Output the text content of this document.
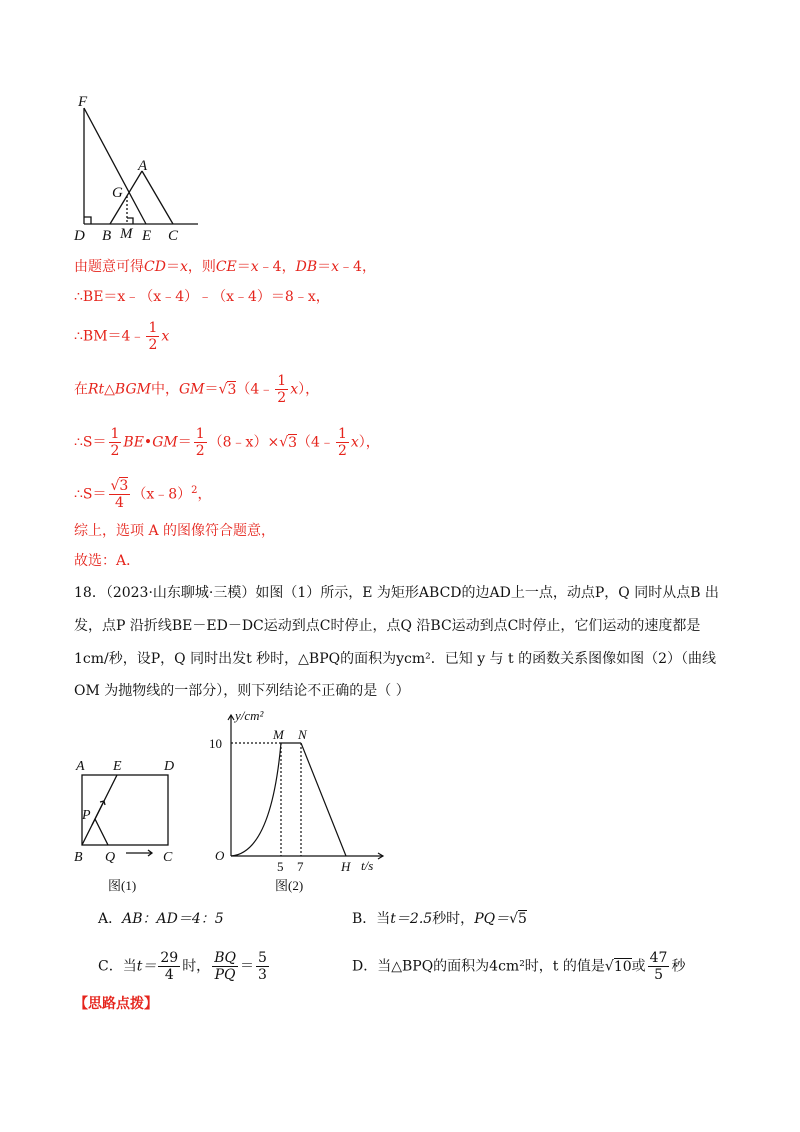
F
A
G
D B M E C
由题意可得CD＝x，则CE＝x﹣4，DB＝x﹣4，
∴BE＝x﹣（x﹣4）﹣（x﹣4）＝8﹣x，
∴BM＝4﹣ $\frac{1}{2}$ x
在Rt△BGM中，GM＝√3（4﹣ $\frac{1}{2} x$），
∴S＝ $\frac{1}{2}$ BE•GM＝ $\frac{1}{2}$ （8﹣x）×√3（4﹣ $\frac{1}{2} x$），
∴S＝ $\frac{√3}{4}$ （x﹣8）$^2$，
综上，选项 A 的图像符合题意，
故选：A．
18．（2023·山东聊城·三模）如图（1）所示，E 为矩形ABCD的边AD上一点，动点P，Q 同时从点B 出
发，点P 沿折线BE－ED－DC运动到点C时停止，点Q 沿BC运动到点C时停止，它们运动的速度都是
1cm/秒，设P，Q 同时出发t 秒时，△BPQ的面积为ycm²．已知 y 与 t 的函数关系图像如图（2）（曲线
OM 为抛物线的一部分），则下列结论不正确的是（ ）
A E	D
P
B Q	C
图(1)
y/cm²
t/s
10
5 7
O
M N
H
图(2)
A．AB：AD＝4：5	B．当t＝2.5秒时，PQ＝√5
C．当$t= \frac{29}{4}$ 时， $\frac{BQ}{PQ} = \frac{5}{3}$	D．当△BPQ的面积为4cm²时，t 的值是√10或 $\frac{47}{5}$ 秒
【思路点拨】
